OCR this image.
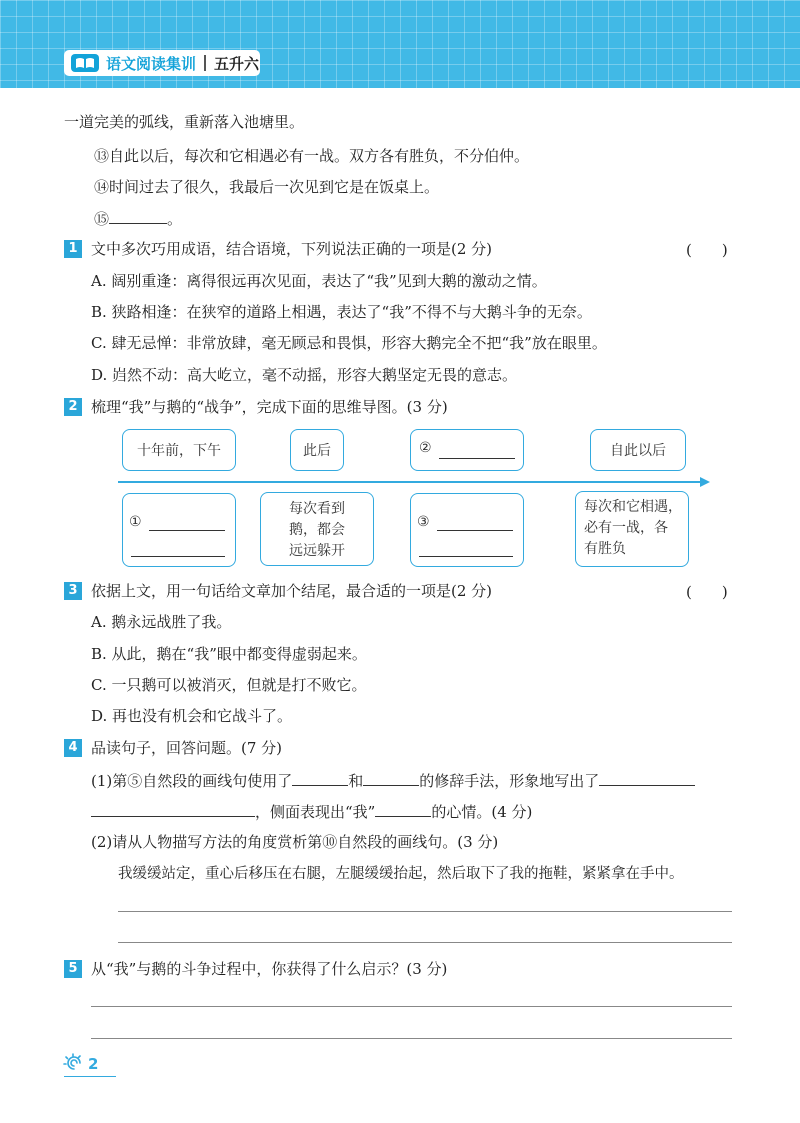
语文阅读集训 五升六
一道完美的弧线，重新落入池塘里。
⑬自此以后，每次和它相遇必有一战。双方各有胜负，不分伯仲。
⑭时间过去了很久，我最后一次见到它是在饭桌上。
⑮	。
1 文中多次巧用成语，结合语境，下列说法正确的一项是(2 分)	(　　)
A. 阔别重逢：离得很远再次见面，表达了“我”见到大鹅的激动之情。
B. 狭路相逢：在狭窄的道路上相遇，表达了“我”不得不与大鹅斗争的无奈。
C. 肆无忌惮：非常放肆，毫无顾忌和畏惧，形容大鹅完全不把“我”放在眼里。
D. 岿然不动：高大屹立，毫不动摇，形容大鹅坚定无畏的意志。
2 梳理“我”与鹅的“战争”，完成下面的思维导图。(3 分)
十年前，下午	此后	②	自此以后
①
每次看到
鹅，都会
远远躲开
③
每次和它相遇，
必有一战，各
有胜负
3 依据上文，用一句话给文章加个结尾，最合适的一项是(2 分)	(　　)
A. 鹅永远战胜了我。
B. 从此，鹅在“我”眼中都变得虚弱起来。
C. 一只鹅可以被消灭，但就是打不败它。
D. 再也没有机会和它战斗了。
4 品读句子，回答问题。(7 分)
(1)第⑤自然段的画线句使用了	和	的修辞手法，形象地写出了
，侧面表现出“我”	的心情。(4 分)
(2)请从人物描写方法的角度赏析第⑩自然段的画线句。(3 分)
我缓缓站定，重心后移压在右腿，左腿缓缓抬起，然后取下了我的拖鞋，紧紧拿在手中。
5 从“我”与鹅的斗争过程中，你获得了什么启示？(3 分)
2
